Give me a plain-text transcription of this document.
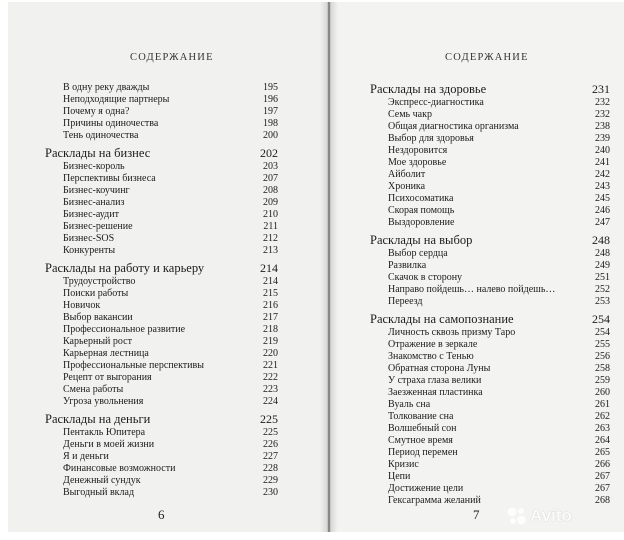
СОДЕРЖАНИЕ
В одну реку дважды	195
Неподходящие партнеры	196
Почему я одна?	197
Причины одиночества	198
Тень одиночества	200
Расклады на бизнес	202
Бизнес-король	203
Перспективы бизнеса	207
Бизнес-коучинг	208
Бизнес-анализ	209
Бизнес-аудит	210
Бизнес-решение	211
Бизнес-SOS	212
Конкуренты	213
Расклады на работу и карьеру	214
Трудоустройство	214
Поиски работы	215
Новичок	216
Выбор вакансии	217
Профессиональное развитие	218
Карьерный рост	219
Карьерная лестница	220
Профессиональные перспективы	221
Рецепт от выгорания	222
Смена работы	223
Угроза увольнения	224
Расклады на деньги	225
Пентакль Юпитера	225
Деньги в моей жизни	226
Я и деньги	227
Финансовые возможности	228
Денежный сундук	229
Выгодный вклад	230
6
СОДЕРЖАНИЕ
Расклады на здоровье	231
Экспресс-диагностика	232
Семь чакр	232
Общая диагностика организма	238
Выбор для здоровья	239
Нездоровится	240
Мое здоровье	241
Айболит	242
Хроника	243
Психосоматика	245
Скорая помощь	246
Выздоровление	247
Расклады на выбор	248
Выбор сердца	248
Развилка	249
Скачок в сторону	251
Направо пойдешь… налево пойдешь…	252
Переезд	253
Расклады на самопознание	254
Личность сквозь призму Таро	254
Отражение в зеркале	255
Знакомство с Тенью	256
Обратная сторона Луны	258
У страха глаза велики	259
Заезженная пластинка	260
Вуаль сна	261
Толкование сна	262
Волшебный сон	263
Смутное время	264
Период перемен	265
Кризис	266
Цепи	267
Достижение цели	267
Гексаграмма желаний	268
7	Avito
